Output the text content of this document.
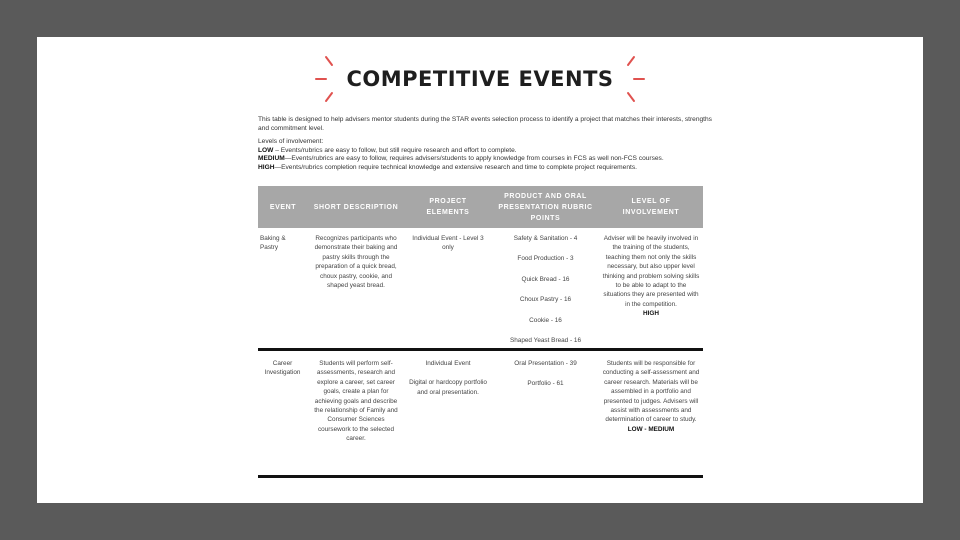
COMPETITIVE EVENTS

This table is designed to help advisers mentor students during the STAR events selection process to identify a project that matches their interests, strengths and commitment level.

Levels of involvement:
LOW – Events/rubrics are easy to follow, but still require research and effort to complete.
MEDIUM—Events/rubrics are easy to follow, requires advisers/students to apply knowledge from courses in FCS as well non-FCS courses.
HIGH—Events/rubrics completion require technical knowledge and extensive research and time to complete project requirements.
EVENT	SHORT DESCRIPTION
PROJECT ELEMENTS
PRODUCT AND ORAL PRESENTATION RUBRIC POINTS
LEVEL OF INVOLVEMENT
Baking & Pastry
Recognizes participants who demonstrate their baking and pastry skills through the preparation of a quick bread, choux pastry, cookie, and shaped yeast bread.
Individual Event - Level 3 only
Safety & Sanitation - 4
Food Production - 3
Quick Bread - 16
Choux Pastry - 16
Cookie - 16
Shaped Yeast Bread - 16
Adviser will be heavily involved in the training of the students, teaching them not only the skills necessary, but also upper level thinking and problem solving skills to be able to adapt to the situations they are presented with in the competition.
HIGH
Career Investigation
Students will perform self-assessments, research and explore a career, set career goals, create a plan for achieving goals and describe the relationship of Family and Consumer Sciences coursework to the selected career.
Individual Event
Digital or hardcopy portfolio and oral presentation.
Oral Presentation - 39
Portfolio - 61
Students will be responsible for conducting a self-assessment and career research. Materials will be assembled in a portfolio and presented to judges. Advisers will assist with assessments and determination of career to study.
LOW - MEDIUM
